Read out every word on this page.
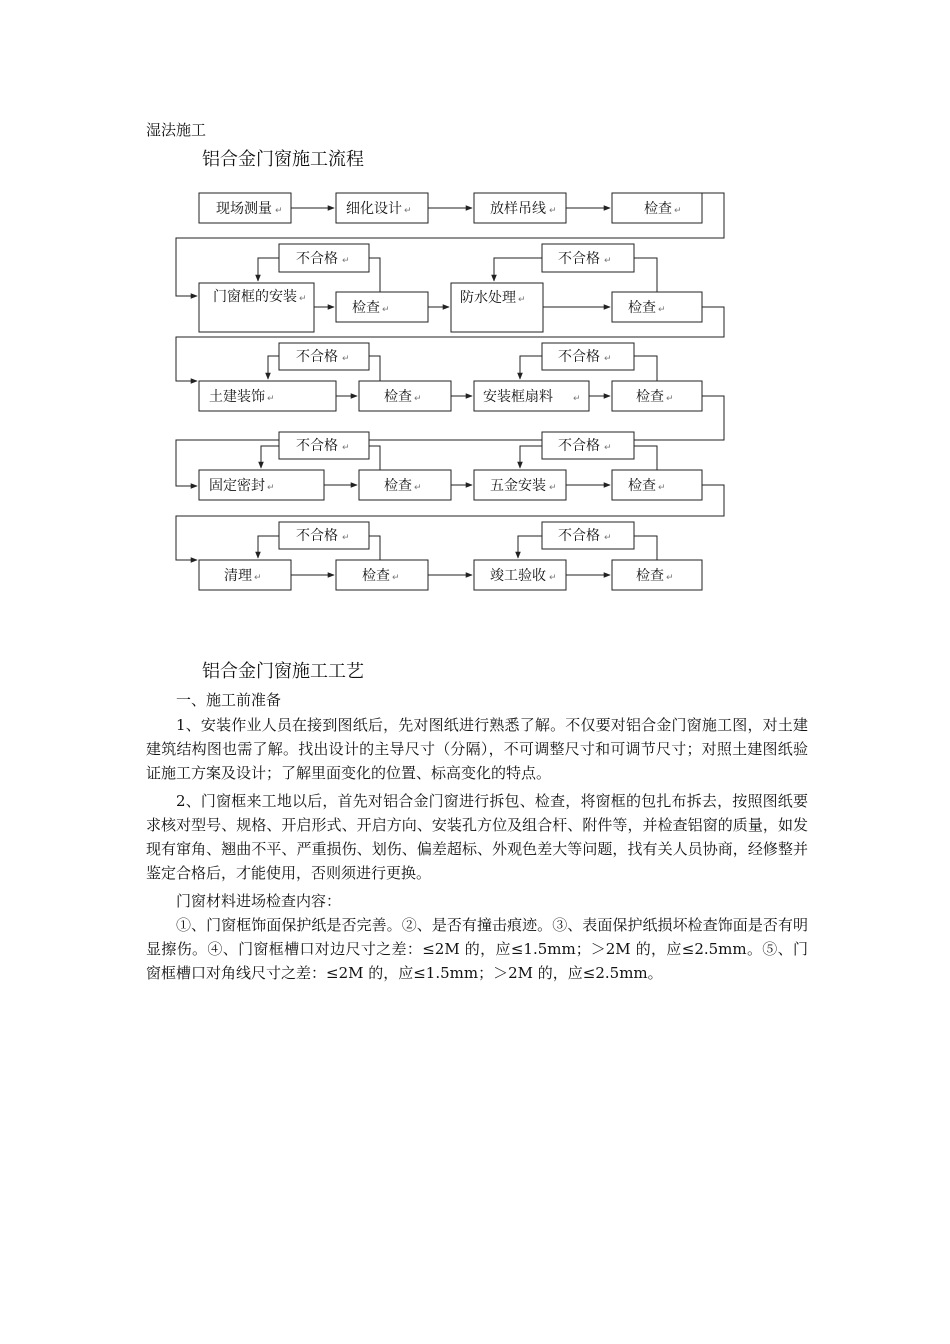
湿法施工
铝合金门窗施工流程
现场测量 ↵	细化设计 ↵	放样吊线 ↵	检查 ↵
不合格 ↵	不合格 ↵
门窗框的安装 ↵
检查 ↵
防水处理 ↵	检查 ↵
不合格 ↵	不合格 ↵
土建装饰 ↵	检查 ↵	安装框扇料 ↵	检查 ↵
不合格 ↵	不合格 ↵
固定密封 ↵	检查 ↵	五金安装 ↵	检查 ↵
不合格 ↵	不合格 ↵
清理 ↵	检查 ↵	竣工验收 ↵	检查 ↵
铝合金门窗施工工艺
一、施工前准备

1、安装作业人员在接到图纸后，先对图纸进行熟悉了解。不仅要对铝合金门窗施工图，对土建建筑结构图也需了解。找出设计的主导尺寸（分隔），不可调整尺寸和可调节尺寸；对照土建图纸验证施工方案及设计；了解里面变化的位置、标高变化的特点。

2、门窗框来工地以后，首先对铝合金门窗进行拆包、检查，将窗框的包扎布拆去，按照图纸要求核对型号、规格、开启形式、开启方向、安装孔方位及组合杆、附件等，并检查铝窗的质量，如发现有窜角、翘曲不平、严重损伤、划伤、偏差超标、外观色差大等问题，找有关人员协商，经修整并鉴定合格后，才能使用，否则须进行更换。

门窗材料进场检查内容：

①、门窗框饰面保护纸是否完善。②、是否有撞击痕迹。③、表面保护纸损坏检查饰面是否有明显擦伤。④、门窗框槽口对边尺寸之差：≤2M 的，应≤1.5mm；＞2M 的，应≤2.5mm。⑤、门窗框槽口对角线尺寸之差：≤2M 的，应≤1.5mm；＞2M 的，应≤2.5mm。
